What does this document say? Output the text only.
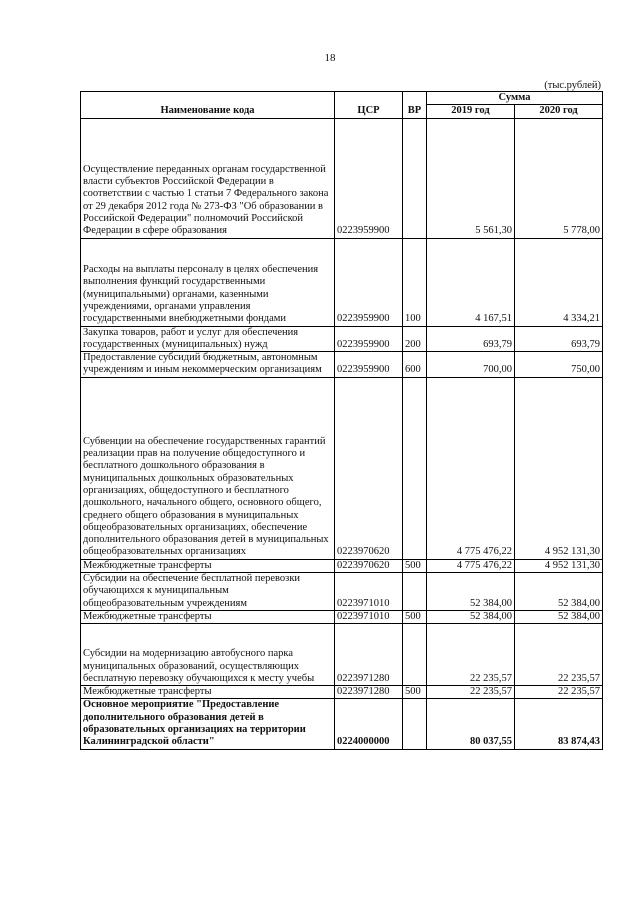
18
(тыс.рублей)
Наименование кода	ЦСР	ВР	Сумма	
			2019 год	2020 год
Осуществление переданных органам государственной власти субъектов Российской Федерации в соответствии с частью 1 статьи 7 Федерального закона от 29 декабря 2012 года № 273-ФЗ "Об образовании в Российской Федерации" полномочий Российской Федерации в сфере образования	0223959900		5 561,30	5 778,00
Расходы на выплаты персоналу в целях обеспечения выполнения функций государственными (муниципальными) органами, казенными учреждениями, органами управления государственными внебюджетными фондами	0223959900	100	4 167,51	4 334,21
Закупка товаров, работ и услуг для обеспечения государственных (муниципальных) нужд	0223959900	200	693,79	693,79
Предоставление субсидий бюджетным, автономным учреждениям и иным некоммерческим организациям	0223959900	600	700,00	750,00
Субвенции на обеспечение государственных гарантий реализации прав на получение общедоступного и бесплатного дошкольного образования в муниципальных дошкольных образовательных организациях, общедоступного и бесплатного дошкольного, начального общего, основного общего, среднего общего образования в муниципальных общеобразовательных организациях, обеспечение дополнительного образования детей в муниципальных общеобразовательных организациях	0223970620		4 775 476,22	4 952 131,30
Межбюджетные трансферты	0223970620	500	4 775 476,22	4 952 131,30
Субсидии на обеспечение бесплатной перевозки обучающихся к муниципальным общеобразовательным учреждениям	0223971010		52 384,00	52 384,00
Межбюджетные трансферты	0223971010	500	52 384,00	52 384,00
Субсидии на модернизацию автобусного парка муниципальных образований, осуществляющих бесплатную перевозку обучающихся к месту учебы	0223971280		22 235,57	22 235,57
Межбюджетные трансферты	0223971280	500	22 235,57	22 235,57
Основное мероприятие "Предоставление дополнительного образования детей в образовательных организациях на территории Калининградской области"	0224000000		80 037,55	83 874,43
